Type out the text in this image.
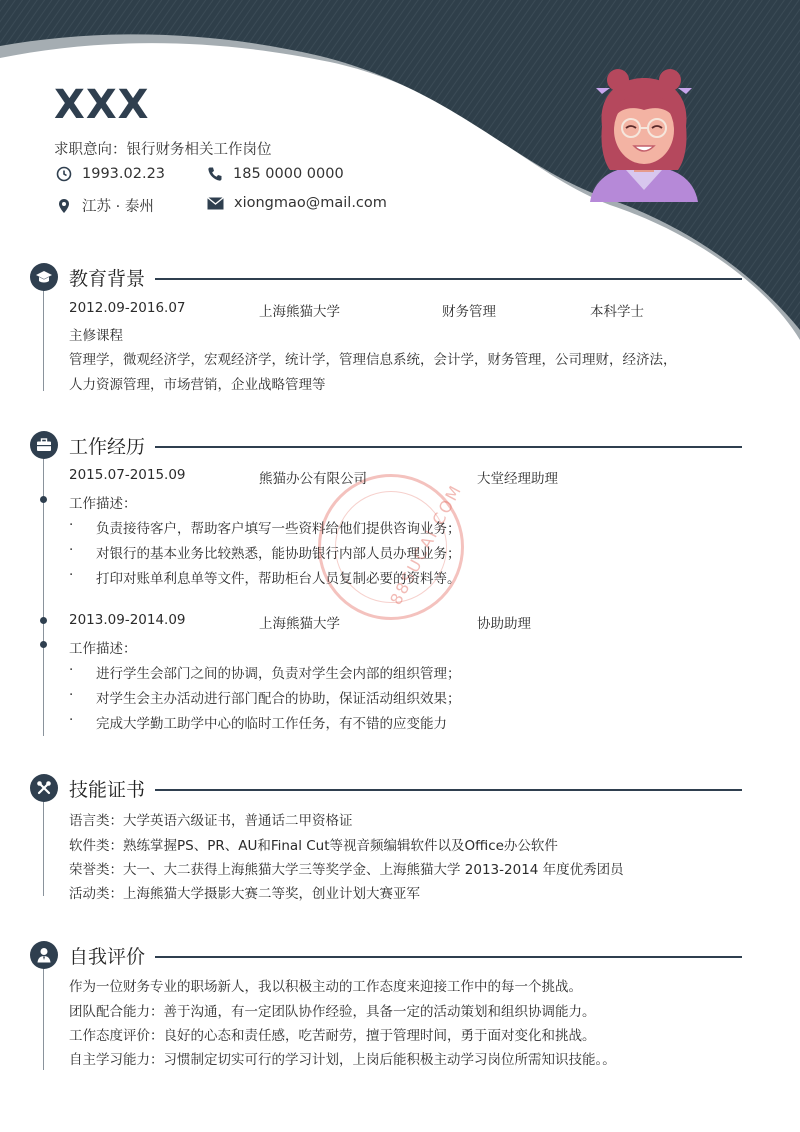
XXX
求职意向：银行财务相关工作岗位
1993.02.23	185 0000 0000
江苏 · 泰州	xiongmao@mail.com
88SUCAI.COM
教育背景
2012.09-2016.07	上海熊猫大学	财务管理	本科学士
主修课程
管理学，微观经济学，宏观经济学，统计学，管理信息系统，会计学，财务管理，公司理财，经济法，
人力资源管理，市场营销，企业战略管理等
工作经历
2015.07-2015.09	熊猫办公有限公司	大堂经理助理
工作描述：
· 负责接待客户，帮助客户填写一些资料给他们提供咨询业务；
· 对银行的基本业务比较熟悉，能协助银行内部人员办理业务；
· 打印对账单利息单等文件，帮助柜台人员复制必要的资料等。
2013.09-2014.09	上海熊猫大学	协助助理
工作描述：
· 进行学生会部门之间的协调，负责对学生会内部的组织管理；
· 对学生会主办活动进行部门配合的协助，保证活动组织效果；
· 完成大学勤工助学中心的临时工作任务，有不错的应变能力
技能证书
语言类：大学英语六级证书，普通话二甲资格证
软件类：熟练掌握PS、PR、AU和Final Cut等视音频编辑软件以及Office办公软件
荣誉类：大一、大二获得上海熊猫大学三等奖学金、上海熊猫大学 2013-2014 年度优秀团员
活动类：上海熊猫大学摄影大赛二等奖，创业计划大赛亚军
自我评价
作为一位财务专业的职场新人，我以积极主动的工作态度来迎接工作中的每一个挑战。
团队配合能力：善于沟通，有一定团队协作经验，具备一定的活动策划和组织协调能力。
工作态度评价：良好的心态和责任感，吃苦耐劳，擅于管理时间，勇于面对变化和挑战。
自主学习能力：习惯制定切实可行的学习计划，上岗后能积极主动学习岗位所需知识技能。。
